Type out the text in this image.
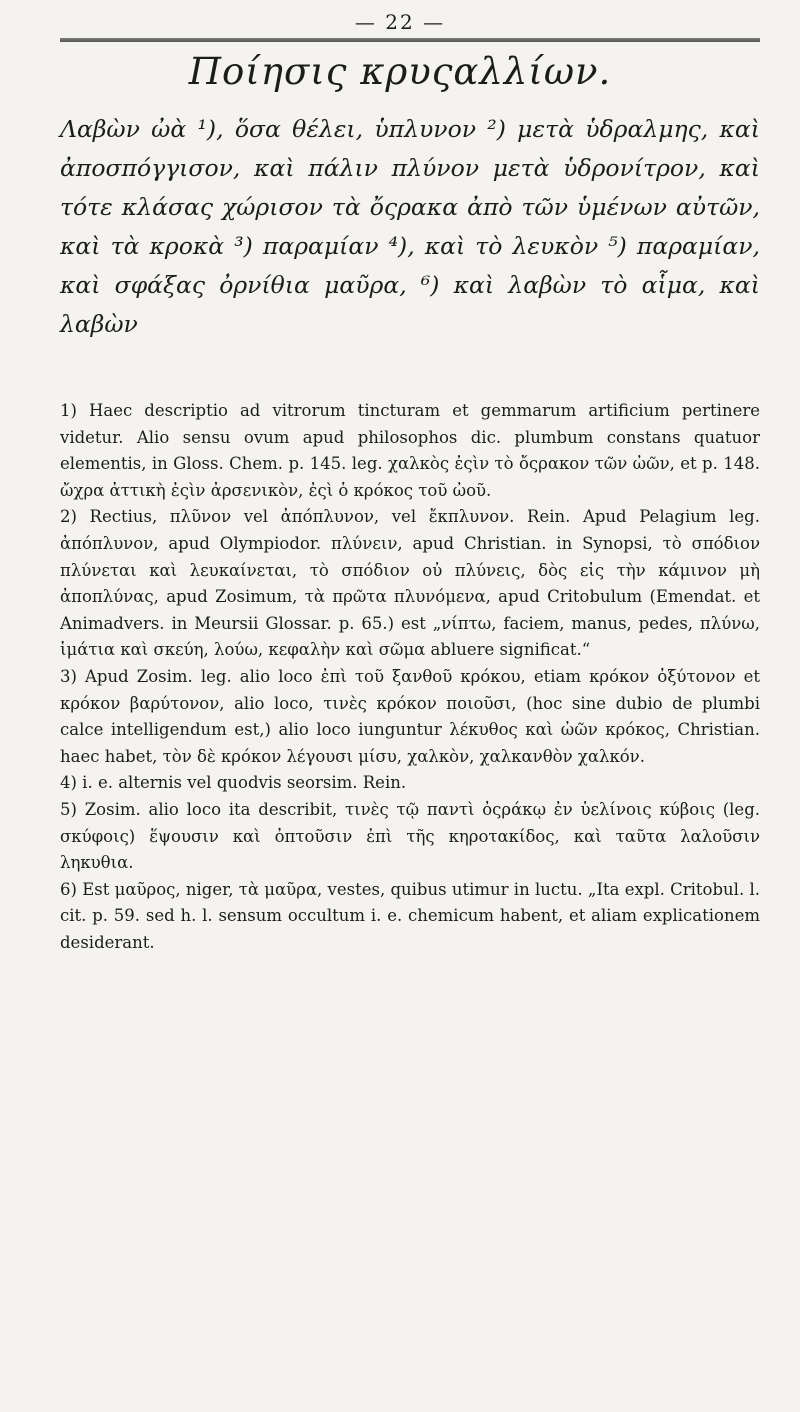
— 22 —
Ποίησις κρυςαλλίων.
Λαβὼν ὠὰ ¹), ὅσα θέλει, ὑπλυνον ²) μετὰ ὑδραλμης, καὶ ἀποσπόγγισον, καὶ πάλιν πλύνον μετὰ ὑδρονίτρον, καὶ τότε κλάσας χώρισον τὰ ὄςρακα ἀπὸ τῶν ὑμένων αὐτῶν, καὶ τὰ κροκὰ ³) παραμίαν ⁴), καὶ τὸ λευκὸν ⁵) παραμίαν, καὶ σφάξας ὀρνίθια μαῦρα, ⁶) καὶ λαβὼν τὸ αἷμα, καὶ λαβὼν

1) Haec descriptio ad vitrorum tincturam et gemmarum artificium pertinere videtur. Alio sensu ovum apud philosophos dic. plumbum constans quatuor elementis, in Gloss. Chem. p. 145. leg. χαλκὸς ἐςὶν τὸ ὄςρακον τῶν ὠῶν, et p. 148. ὤχρα ἀττικὴ ἐςὶν ἀρσενικὸν, ἐςὶ ὁ κρόκος τοῦ ὠοῦ.

2) Rectius, πλῦνον vel ἀπόπλυνον, vel ἔκπλυνον. Rein. Apud Pelagium leg. ἀπόπλυνον, apud Olympiodor. πλύνειν, apud Christian. in Synopsi, τὸ σπόδιον πλύνεται καὶ λευκαίνεται, τὸ σπόδιον οὐ πλύνεις, δὸς εἰς τὴν κάμινον μὴ ἀποπλύνας, apud Zosimum, τὰ πρῶτα πλυνόμενα, apud Critobulum (Emendat. et Animadvers. in Meursii Glossar. p. 65.) est „νίπτω, faciem, manus, pedes, πλύνω, ἱμάτια καὶ σκεύη, λούω, κεφαλὴν καὶ σῶμα abluere significat.“

3) Apud Zosim. leg. alio loco ἐπὶ τοῦ ξανθοῦ κρόκου, etiam κρόκον ὀξύτονον et κρόκον βαρύτονον, alio loco, τινὲς κρόκον ποιοῦσι, (hoc sine dubio de plumbi calce intelligendum est,) alio loco iunguntur λέκυθος καὶ ὠῶν κρόκος, Christian. haec habet, τὸν δὲ κρόκον λέγουσι μίσυ, χαλκὸν, χαλκανθὸν χαλκόν.

4) i. e. alternis vel quodvis seorsim. Rein.

5) Zosim. alio loco ita describit, τινὲς τῷ παντὶ ὀςράκῳ ἐν ὑελίνοις κύβοις (leg. σκύφοις) ἕψουσιν καὶ ὀπτοῦσιν ἐπὶ τῆς κηροτακίδος, καὶ ταῦτα λαλοῦσιν ληκυθια.

6) Est μαῦρος, niger, τὰ μαῦρα, vestes, quibus utimur in luctu. „Ita expl. Critobul. l. cit. p. 59. sed h. l. sensum occultum i. e. chemicum habent, et aliam explicationem desiderant.
